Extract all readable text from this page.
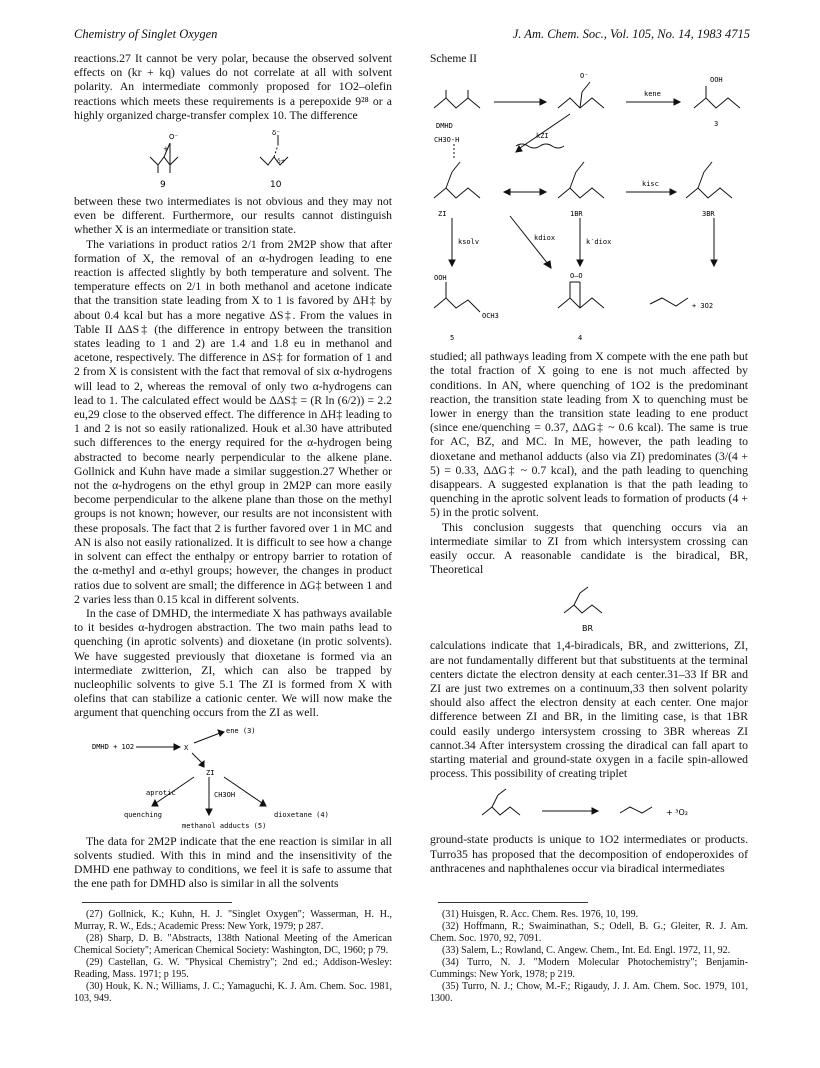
Chemistry of Singlet Oxygen	J. Am. Chem. Soc., Vol. 105, No. 14, 1983 4715

reactions.27 It cannot be very polar, because the observed solvent effects on (kr + kq) values do not correlate at all with solvent polarity. An intermediate commonly proposed for 1O2–olefin reactions which meets these requirements is a perepoxide 9²⁸ or a highly organized charge-transfer complex 10. The difference

O⁻
+
δ⁻
δ+
9	10

between these two intermediates is not obvious and they may not even be different. Furthermore, our results cannot distinguish whether X is an intermediate or transition state.

The variations in product ratios 2/1 from 2M2P show that after formation of X, the removal of an α-hydrogen leading to ene reaction is affected slightly by both temperature and solvent. The temperature effects on 2/1 in both methanol and acetone indicate that the transition state leading from X to 1 is favored by ΔH‡ by about 0.4 kcal but has a more negative ΔS‡. From the values in Table II ΔΔS‡ (the difference in entropy between the transition states leading to 1 and 2) are 1.4 and 1.8 eu in methanol and acetone, respectively. The difference in ΔS‡ for formation of 1 and 2 from X is consistent with the fact that removal of six α-hydrogens will lead to 2, whereas the removal of only two α-hydrogens can lead to 1. The calculated effect would be ΔΔS‡ = (R ln (6/2)) = 2.2 eu,29 close to the observed effect. The difference in ΔH‡ leading to 1 and 2 is not so easily rationalized. Houk et al.30 have attributed such differences to the energy required for the α-hydrogen being abstracted to become nearly perpendicular to the alkene plane. Gollnick and Kuhn have made a similar suggestion.27 Whether or not the α-hydrogens on the ethyl group in 2M2P can more easily become perpendicular to the alkene plane than those on the methyl groups is not known; however, our results are not inconsistent with these proposals. The fact that 2 is further favored over 1 in MC and AN is also not easily rationalized. It is difficult to see how a change in solvent can effect the enthalpy or entropy barrier to rotation of the α-methyl and α-ethyl groups; however, the changes in product ratios due to solvent are small; the difference in ΔG‡ between 1 and 2 varies less than 0.15 kcal in different solvents.

In the case of DMHD, the intermediate X has pathways available to it besides α-hydrogen abstraction. The two main paths lead to quenching (in aprotic solvents) and dioxetane (in protic solvents). We have suggested previously that dioxetane is formed via an intermediate zwitterion, ZI, which can also be trapped by nucleophilic solvents to give 5.1 The ZI is formed from X with olefins that can stabilize a cationic center. We will now make the argument that quenching occurs from the ZI as well.

DMHD + 1O2	X
ene (3)
ZI
aprotic	CH3OH
quenching	dioxetane (4)
methanol adducts (5)

The data for 2M2P indicate that the ene reaction is similar in all solvents studied. With this in mind and the insensitivity of the DMHD ene pathway to conditions, we feel it is safe to assume that the ene path for DMHD also is similar in all the solvents

Scheme II
O⁻
kene
OOH
3
DMHD
kZI
CH3O-H
kisc
ZI	1BR	3BR
ksolv	kdiox	k′diox
OOH
OCH3
O—O
+ 3O2
5	4

studied; all pathways leading from X compete with the ene path but the total fraction of X going to ene is not much affected by conditions. In AN, where quenching of 1O2 is the predominant reaction, the transition state leading from X to quenching must be lower in energy than the transition state leading to ene product (since ene/quenching = 0.37, ΔΔG‡ ~ 0.6 kcal). The same is true for AC, BZ, and MC. In ME, however, the path leading to dioxetane and methanol adducts (also via ZI) predominates (3/(4 + 5) = 0.33, ΔΔG‡ ~ 0.7 kcal), and the path leading to quenching disappears. A suggested explanation is that the path leading to quenching in the aprotic solvent leads to formation of products (4 + 5) in the protic solvent.

This conclusion suggests that quenching occurs via an intermediate similar to ZI from which intersystem crossing can easily occur. A reasonable candidate is the biradical, BR, Theoretical

BR

calculations indicate that 1,4-biradicals, BR, and zwitterions, ZI, are not fundamentally different but that substituents at the terminal centers dictate the electron density at each center.31–33 If BR and ZI are just two extremes on a continuum,33 then solvent polarity should also affect the electron density at each center. One major difference between ZI and BR, in the limiting case, is that 1BR could easily undergo intersystem crossing to 3BR whereas ZI cannot.34 After intersystem crossing the diradical can fall apart to starting material and ground-state oxygen in a facile spin-allowed process. This possibility of creating triplet

+ ³O₂

ground-state products is unique to 1O2 intermediates or products. Turro35 has proposed that the decomposition of endoperoxides of anthracenes and naphthalenes occur via biradical intermediates

(27) Gollnick, K.; Kuhn, H. J. "Singlet Oxygen"; Wasserman, H. H., Murray, R. W., Eds.; Academic Press: New York, 1979; p 287.

(28) Sharp, D. B. "Abstracts, 138th National Meeting of the American Chemical Society"; American Chemical Society: Washington, DC, 1960; p 79.

(29) Castellan, G. W. "Physical Chemistry"; 2nd ed.; Addison-Wesley: Reading, Mass. 1971; p 195.

(30) Houk, K. N.; Williams, J. C.; Yamaguchi, K. J. Am. Chem. Soc. 1981, 103, 949.

(31) Huisgen, R. Acc. Chem. Res. 1976, 10, 199.

(32) Hoffmann, R.; Swaiminathan, S.; Odell, B. G.; Gleiter, R. J. Am. Chem. Soc. 1970, 92, 7091.

(33) Salem, L.; Rowland, C. Angew. Chem., Int. Ed. Engl. 1972, 11, 92.

(34) Turro, N. J. "Modern Molecular Photochemistry"; Benjamin-Cummings: New York, 1978; p 219.

(35) Turro, N. J.; Chow, M.-F.; Rigaudy, J. J. Am. Chem. Soc. 1979, 101, 1300.
